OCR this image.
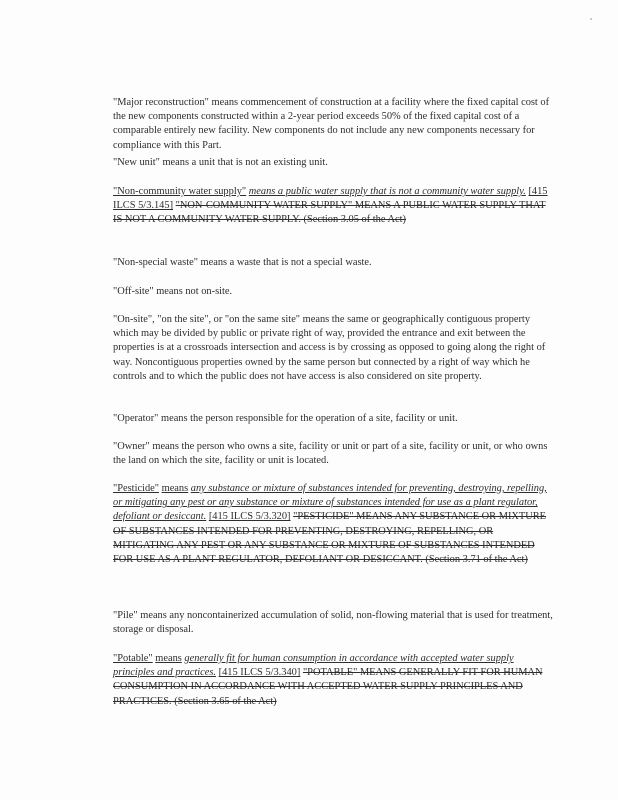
"Major reconstruction" means commencement of construction at a facility where the fixed capital cost of the new components constructed within a 2-year period exceeds 50% of the fixed capital cost of a comparable entirely new facility. New components do not include any new components necessary for compliance with this Part.

"New unit" means a unit that is not an existing unit.

"Non-community water supply" means a public water supply that is not a community water supply. [415 ILCS 5/3.145] "NON-COMMUNITY WATER SUPPLY" MEANS A PUBLIC WATER SUPPLY THAT IS NOT A COMMUNITY WATER SUPPLY. (Section 3.05 of the Act)

"Non-special waste" means a waste that is not a special waste.

"Off-site" means not on-site.

"On-site", "on the site", or "on the same site" means the same or geographically contiguous property which may be divided by public or private right of way, provided the entrance and exit between the properties is at a crossroads intersection and access is by crossing as opposed to going along the right of way. Noncontiguous properties owned by the same person but connected by a right of way which he controls and to which the public does not have access is also considered on site property.

"Operator" means the person responsible for the operation of a site, facility or unit.

"Owner" means the person who owns a site, facility or unit or part of a site, facility or unit, or who owns the land on which the site, facility or unit is located.

"Pesticide" means any substance or mixture of substances intended for preventing, destroying, repelling, or mitigating any pest or any substance or mixture of substances intended for use as a plant regulator, defoliant or desiccant. [415 ILCS 5/3.320] "PESTICIDE" MEANS ANY SUBSTANCE OR MIXTURE OF SUBSTANCES INTENDED FOR PREVENTING, DESTROYING, REPELLING, OR MITIGATING ANY PEST OR ANY SUBSTANCE OR MIXTURE OF SUBSTANCES INTENDED FOR USE AS A PLANT REGULATOR, DEFOLIANT OR DESICCANT. (Section 3.71 of the Act)

"Pile" means any noncontainerized accumulation of solid, non-flowing material that is used for treatment, storage or disposal.

"Potable" means generally fit for human consumption in accordance with accepted water supply principles and practices. [415 ILCS 5/3.340] "POTABLE" MEANS GENERALLY FIT FOR HUMAN CONSUMPTION IN ACCORDANCE WITH ACCEPTED WATER SUPPLY PRINCIPLES AND PRACTICES. (Section 3.65 of the Act)
